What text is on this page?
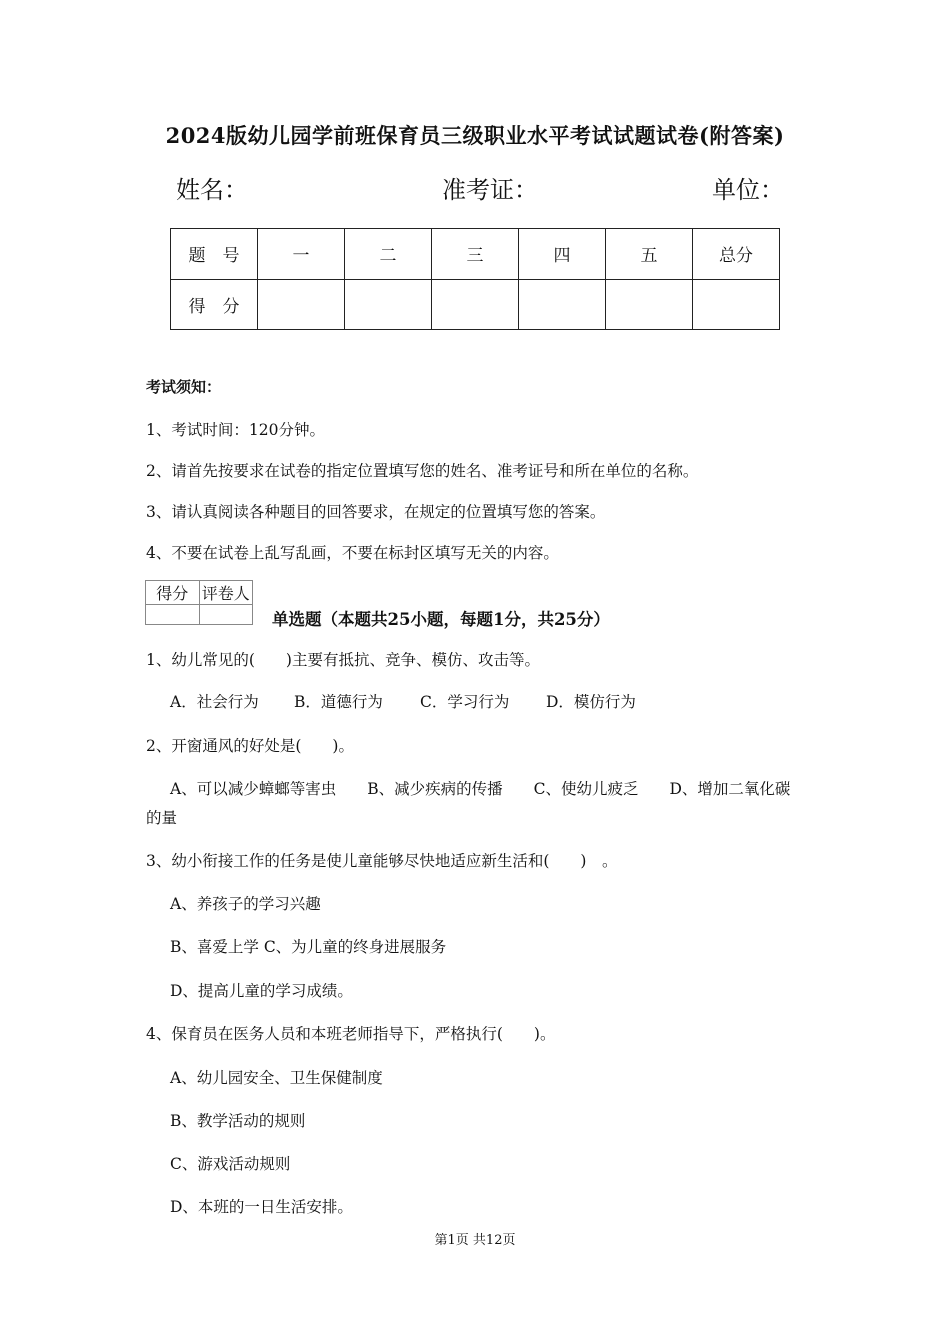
2024版幼儿园学前班保育员三级职业水平考试试题试卷(附答案)
姓名：	准考证：	单位：
题　号	一	二	三	四	五	总分
得　分						
考试须知：
1、考试时间：120分钟。
2、请首先按要求在试卷的指定位置填写您的姓名、准考证号和所在单位的名称。
3、请认真阅读各种题目的回答要求，在规定的位置填写您的答案。
4、不要在试卷上乱写乱画，不要在标封区填写无关的内容。
得分	评卷人

单选题（本题共25小题，每题1分，共25分）
1、幼儿常见的(　　)主要有抵抗、竞争、模仿、攻击等。
A．社会行为 B．道德行为 C．学习行为 D．模仿行为
2、开窗通风的好处是(　　)。
A、可以减少蟑螂等害虫　　B、减少疾病的传播　　C、使幼儿疲乏　　D、增加二氧化碳
的量
3、幼小衔接工作的任务是使儿童能够尽快地适应新生活和(　　)　。
A、养孩子的学习兴趣
B、喜爱上学 C、为儿童的终身进展服务
D、提高儿童的学习成绩。
4、保育员在医务人员和本班老师指导下，严格执行(　　)。
A、幼儿园安全、卫生保健制度
B、教学活动的规则
C、游戏活动规则
D、本班的一日生活安排。
第1页 共12页
